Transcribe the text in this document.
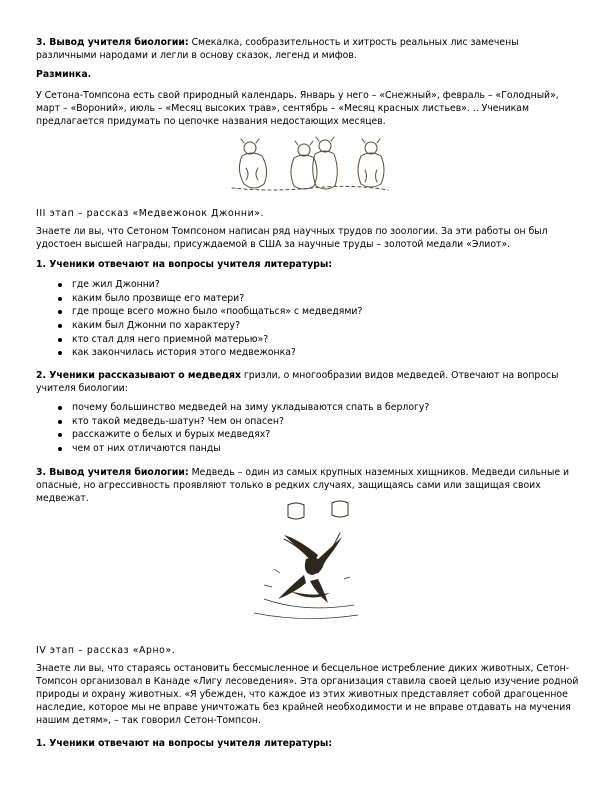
3. Вывод учителя биологии: Смекалка, сообразительность и хитрость реальных лис замечены различными народами и легли в основу сказок, легенд и мифов.

Разминка.

У Сетона-Томпсона есть свой природный календарь. Январь у него – «Снежный», февраль – «Голодный», март – «Вороний», июль – «Месяц высоких трав», сентябрь – «Месяц красных листьев». .. Ученикам предлагается придумать по цепочке названия недостающих месяцев.

III этап – рассказ «Медвежонок Джонни».

Знаете ли вы, что Сетоном Томпсоном написан ряд научных трудов по зоологии. За эти работы он был удостоен высшей награды, присуждаемой в США за научные труды – золотой медали «Элиот».

1. Ученики отвечают на вопросы учителя литературы:

где жил Джонни?
каким было прозвище его матери?
где проще всего можно было «пообщаться» с медведями?
каким был Джонни по характеру?
кто стал для него приемной матерью»?
как закончилась история этого медвежонка?

2. Ученики рассказывают о медведях гризли, о многообразии видов медведей. Отвечают на вопросы учителя биологии:

почему большинство медведей на зиму укладываются спать в берлогу?
кто такой медведь-шатун? Чем он опасен?
расскажите о белых и бурых медведях?
чем от них отличаются панды

3. Вывод учителя биологии: Медведь – один из самых крупных наземных хищников. Медведи сильные и опасные, но агрессивность проявляют только в редких случаях, защищаясь сами или защищая своих медвежат.

IV этап – рассказ «Арно».

Знаете ли вы, что стараясь остановить бессмысленное и бесцельное истребление диких животных, Сетон-Томпсон организовал в Канаде «Лигу лесоведения». Эта организация ставила своей целью изучение родной природы и охрану животных. «Я убежден, что каждое из этих животных представляет собой драгоценное наследие, которое мы не вправе уничтожать без крайней необходимости и не вправе отдавать на мучения нашим детям», – так говорил Сетон-Томпсон.

1. Ученики отвечают на вопросы учителя литературы:
